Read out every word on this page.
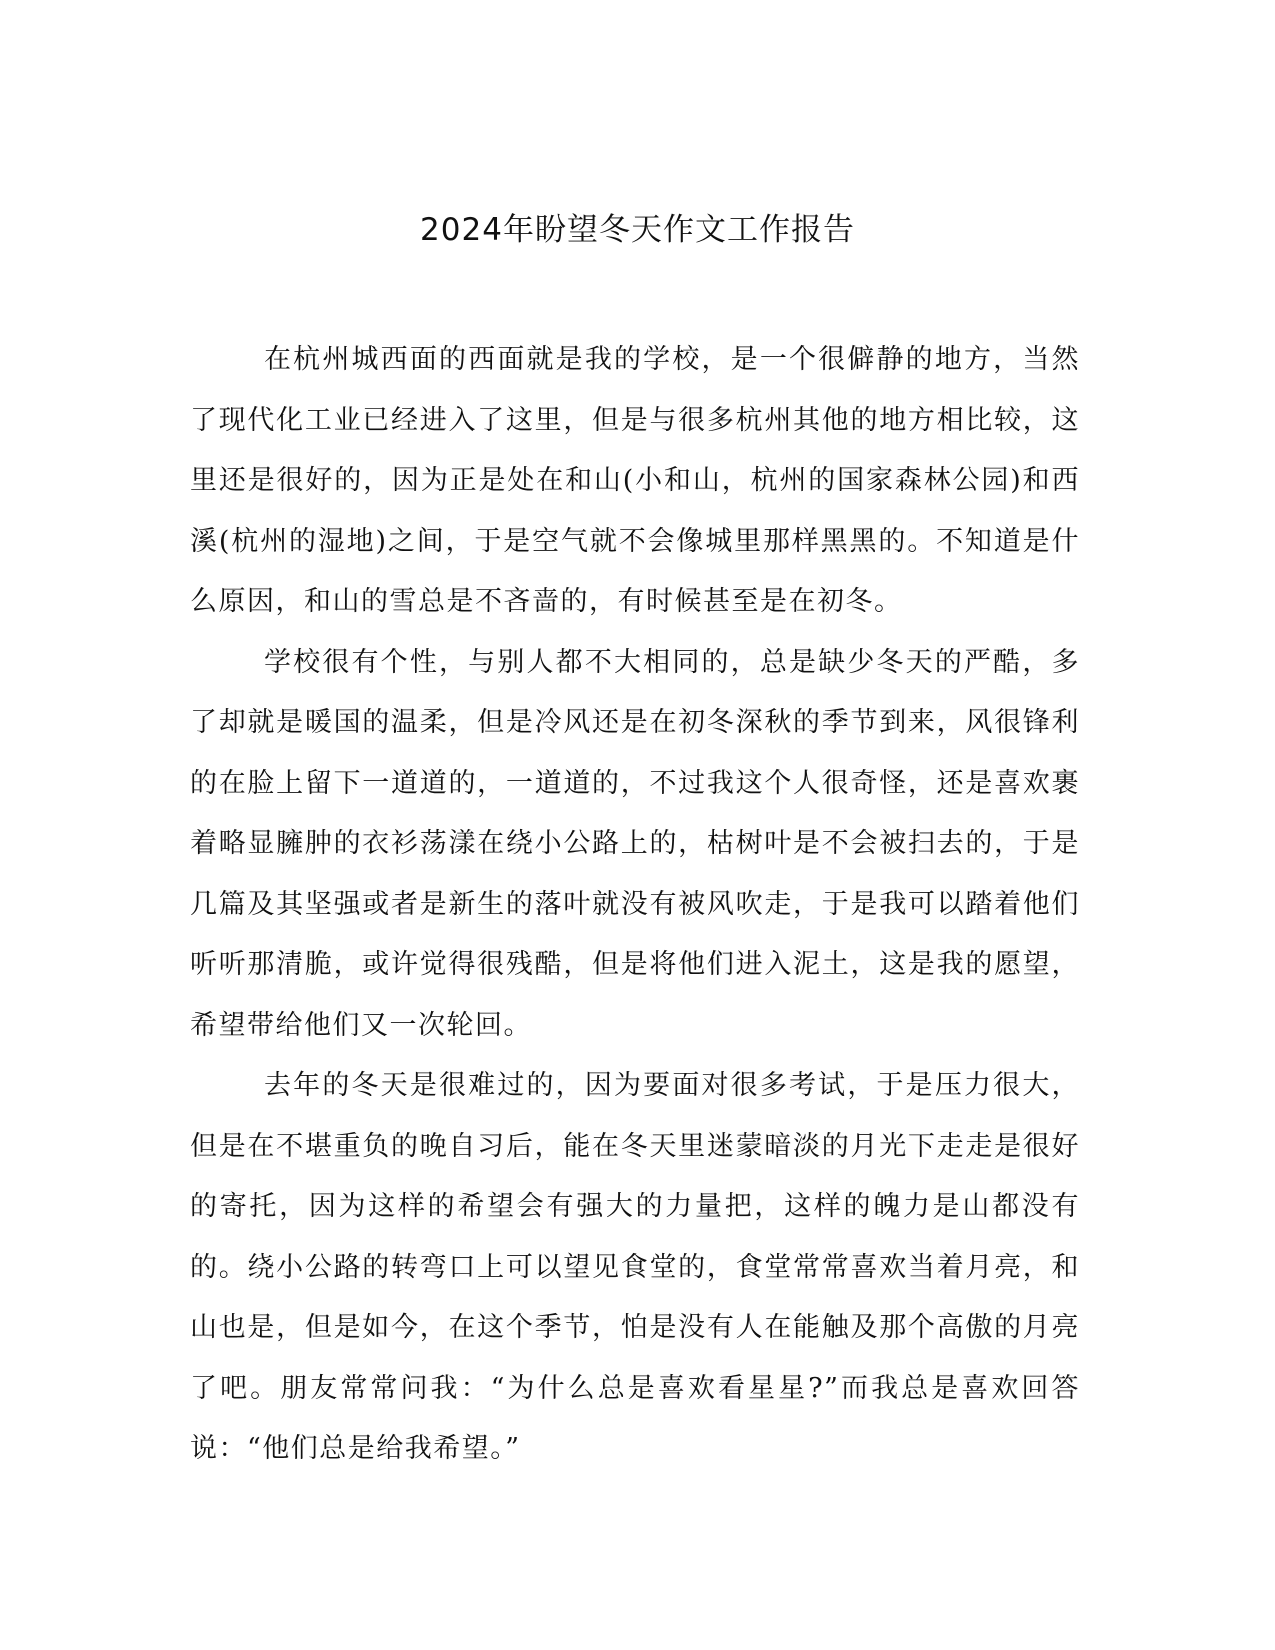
2024年盼望冬天作文工作报告

在杭州城西面的西面就是我的学校，是一个很僻静的地方，当然了现代化工业已经进入了这里，但是与很多杭州其他的地方相比较，这里还是很好的，因为正是处在和山(小和山，杭州的国家森林公园)和西溪(杭州的湿地)之间，于是空气就不会像城里那样黑黑的。不知道是什么原因，和山的雪总是不吝啬的，有时候甚至是在初冬。

学校很有个性，与别人都不大相同的，总是缺少冬天的严酷，多了却就是暖国的温柔，但是冷风还是在初冬深秋的季节到来，风很锋利的在脸上留下一道道的，一道道的，不过我这个人很奇怪，还是喜欢裹着略显臃肿的衣衫荡漾在绕小公路上的，枯树叶是不会被扫去的，于是几篇及其坚强或者是新生的落叶就没有被风吹走，于是我可以踏着他们听听那清脆，或许觉得很残酷，但是将他们进入泥土，这是我的愿望，希望带给他们又一次轮回。

去年的冬天是很难过的，因为要面对很多考试，于是压力很大，但是在不堪重负的晚自习后，能在冬天里迷蒙暗淡的月光下走走是很好的寄托，因为这样的希望会有强大的力量把，这样的魄力是山都没有的。绕小公路的转弯口上可以望见食堂的，食堂常常喜欢当着月亮，和山也是，但是如今，在这个季节，怕是没有人在能触及那个高傲的月亮了吧。朋友常常问我：“为什么总是喜欢看星星?”而我总是喜欢回答说：“他们总是给我希望。”
